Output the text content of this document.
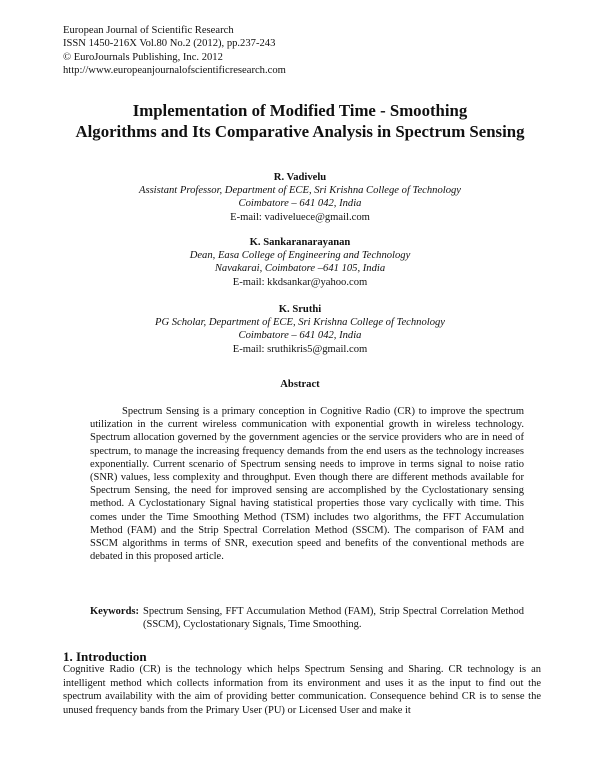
European Journal of Scientific Research
ISSN 1450-216X Vol.80 No.2 (2012), pp.237-243
© EuroJournals Publishing, Inc. 2012
http://www.europeanjournalofscientificresearch.com
Implementation of Modified Time - Smoothing
Algorithms and Its Comparative Analysis in Spectrum Sensing
R. Vadivelu
Assistant Professor, Department of ECE, Sri Krishna College of Technology
Coimbatore – 641 042, India
E-mail: vadiveluece@gmail.com
K. Sankaranarayanan
Dean, Easa College of Engineering and Technology
Navakarai, Coimbatore –641 105, India
E-mail: kkdsankar@yahoo.com
K. Sruthi
PG Scholar, Department of ECE, Sri Krishna College of Technology
Coimbatore – 641 042, India
E-mail: sruthikris5@gmail.com
Abstract

Spectrum Sensing is a primary conception in Cognitive Radio (CR) to improve the spectrum utilization in the current wireless communication with exponential growth in wireless technology. Spectrum allocation governed by the government agencies or the service providers who are in need of spectrum, to manage the increasing frequency demands from the end users as the technology increases exponentially. Current scenario of Spectrum sensing needs to improve in terms signal to noise ratio (SNR) values, less complexity and throughput. Even though there are different methods available for Spectrum Sensing, the need for improved sensing are accomplished by the Cyclostationary sensing method. A Cyclostationary Signal having statistical properties those vary cyclically with time. This comes under the Time Smoothing Method (TSM) includes two algorithms, the FFT Accumulation Method (FAM) and the Strip Spectral Correlation Method (SSCM). The comparison of FAM and SSCM algorithms in terms of SNR, execution speed and benefits of the conventional methods are debated in this proposed article.

Keywords: Spectrum Sensing, FFT Accumulation Method (FAM), Strip Spectral Correlation Method (SSCM), Cyclostationary Signals, Time Smoothing.
1. Introduction

Cognitive Radio (CR) is the technology which helps Spectrum Sensing and Sharing. CR technology is an intelligent method which collects information from its environment and uses it as the input to find out the spectrum availability with the aim of providing better communication. Consequence behind CR is to sense the unused frequency bands from the Primary User (PU) or Licensed User and make it
